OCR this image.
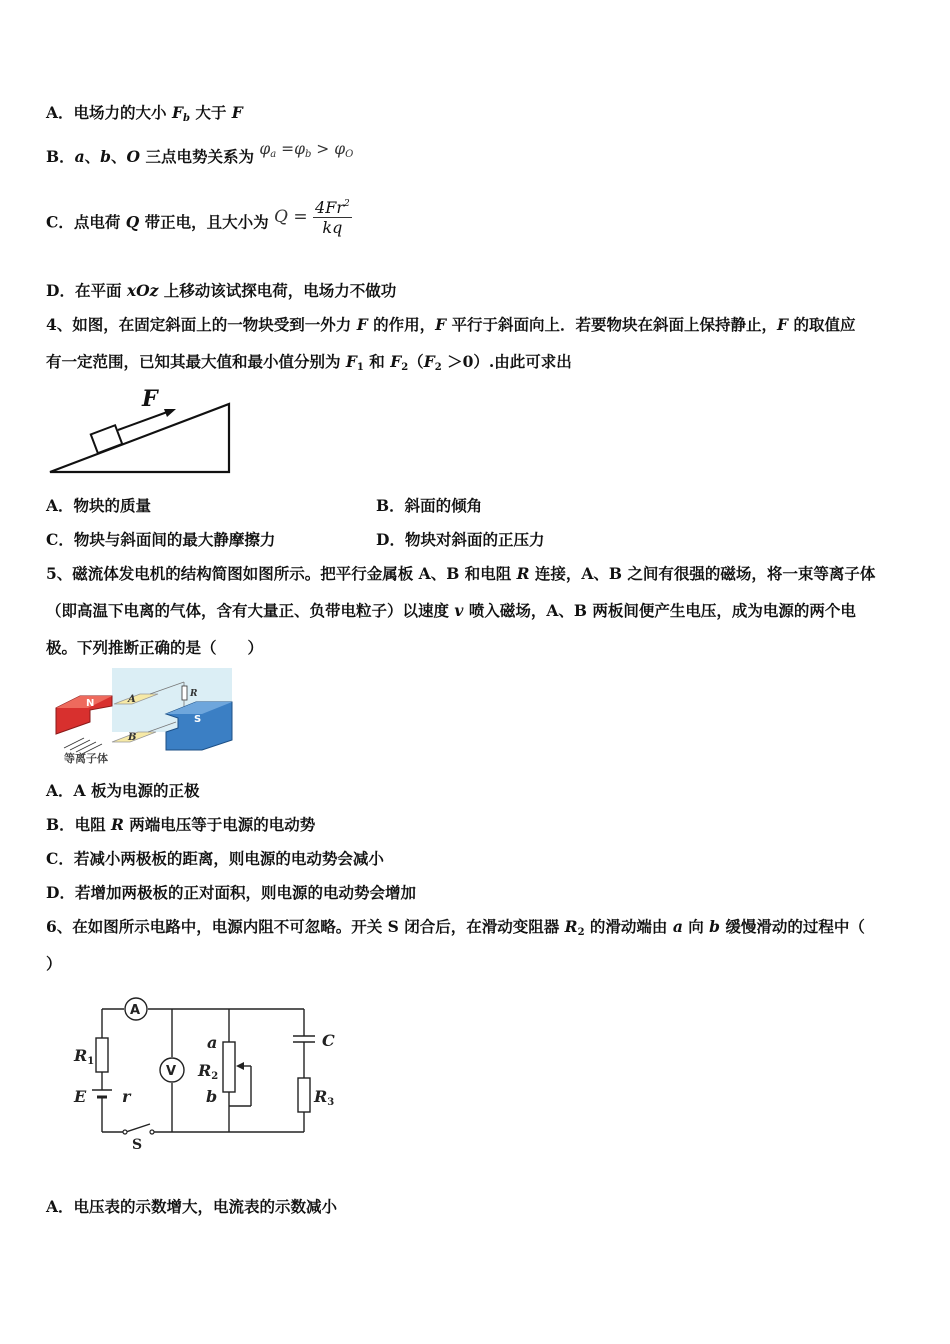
A．电场力的大小 $F_b$ 大于 F
B．a、b、O 三点电势关系为 $\varphi_a =\varphi_b > \varphi_O$
C．点电荷 Q 带正电，且大小为 $Q = \frac{4Fr^2}{kq}$
D．在平面 xOz 上移动该试探电荷，电场力不做功
4、如图，在固定斜面上的一物块受到一外力 F 的作用，F 平行于斜面向上．若要物块在斜面上保持静止，F 的取值应
有一定范围，已知其最大值和最小值分别为 $F_1$ 和 $F_2(F_2 >0)$.由此可求出
F
A．物块的质量	B．斜面的倾角
C．物块与斜面间的最大静摩擦力	D．物块对斜面的正压力
5、磁流体发电机的结构简图如图所示。把平行金属板 A、B 和电阻 R 连接，A、B 之间有很强的磁场，将一束等离子体
（即高温下电离的气体，含有大量正、负带电粒子）以速度 v 喷入磁场，A、B 两板间便产生电压，成为电源的两个电
极。下列推断正确的是（　　）
N	A
B
R
S
等离子体
A．A 板为电源的正极
B．电阻 R 两端电压等于电源的电动势
C．若减小两极板的距离，则电源的电动势会减小
D．若增加两极板的正对面积，则电源的电动势会增加
6、在如图所示电路中，电源内阻不可忽略。开关 S 闭合后，在滑动变阻器 $R_2$ 的滑动端由 a 向 b 缓慢滑动的过程中（
）
A
V
R1
E r
S
a
R2
b
C
R3
A．电压表的示数增大，电流表的示数减小
